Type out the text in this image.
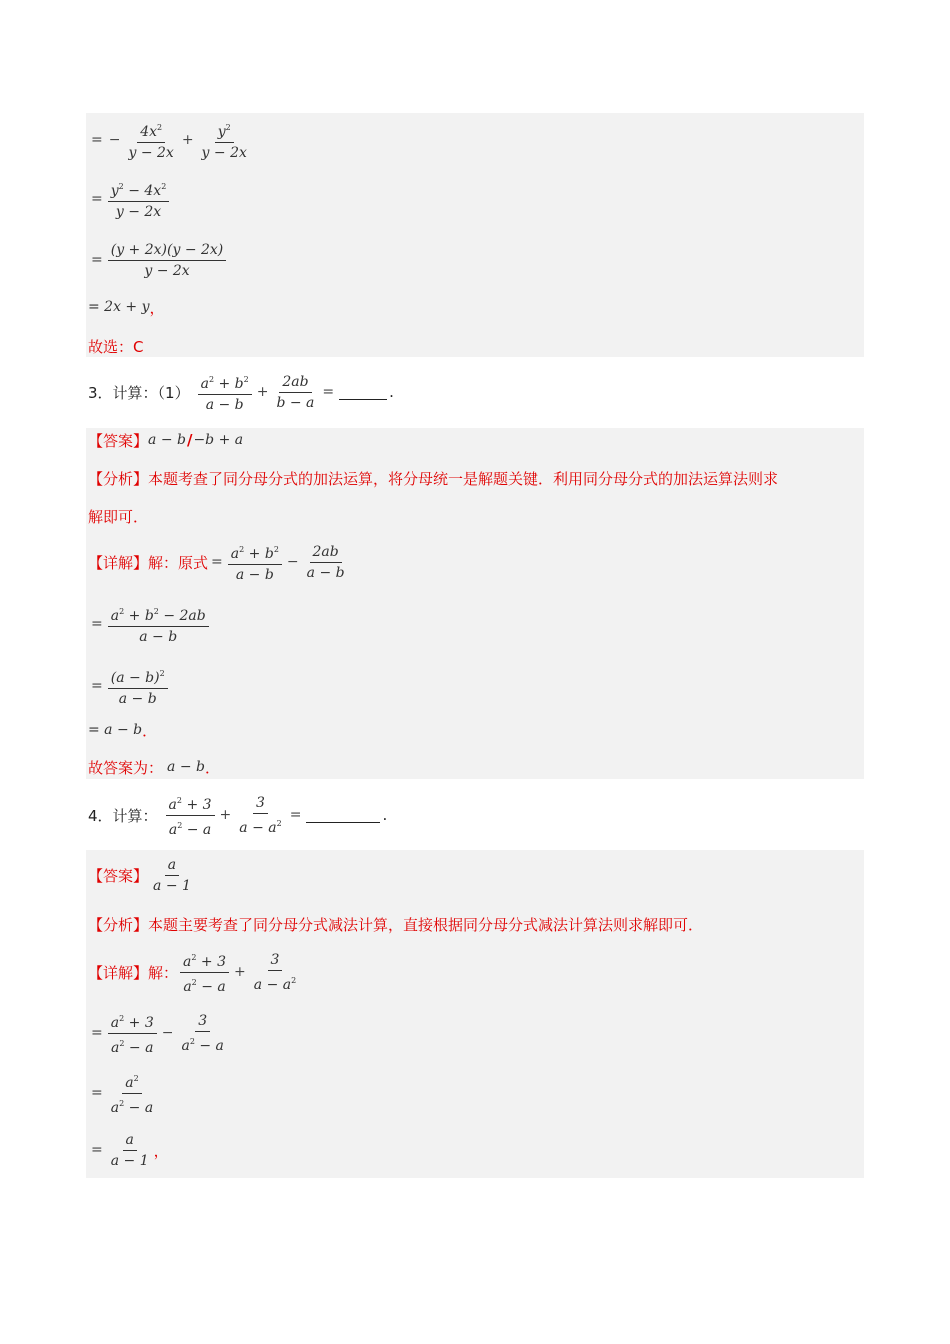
= − $\frac{4x^2}{y - 2x} + \frac{y^2}{y - 2x}$
= $\frac{y^2 - 4x^2}{y - 2x}$
= $\frac{(y + 2x)(y - 2x)}{y - 2x}$
= 2x + y ，
故选：C
3．计算：$(1) \frac{a^2 + b^2}{a - b} + \frac{2ab}{b - a}$ =	.
【答案】 a − b / −b + a
【分析】 本题考查了同分母分式的加法运算，将分母统一是解题关键．利用同分母分式的加法运算法则求
解即可．
【详解】 解：原式 = $\frac{a^2 + b^2}{a - b} - \frac{2ab}{a - b}$
= $\frac{a^2 + b^2 - 2ab}{a - b}$
= $\frac{(a - b)^2}{a - b}$
= a − b ．
故答案为： a − b ．
4．计算： $\frac{a^2 + 3}{a^2 - a} + \frac{3}{a - a^2}$ =	.
【答案】 $\frac{a}{a - 1}$
【分析】 本题主要考查了同分母分式减法计算，直接根据同分母分式减法计算法则求解即可．
【详解】 解： $\frac{a^2 + 3}{a^2 - a} + \frac{3}{a - a^2}$
= $\frac{a^2 + 3}{a^2 - a} - \frac{3}{a^2 - a}$
= $\frac{a^2}{a^2 - a}$
= $\frac{a}{a - 1}$ ，
